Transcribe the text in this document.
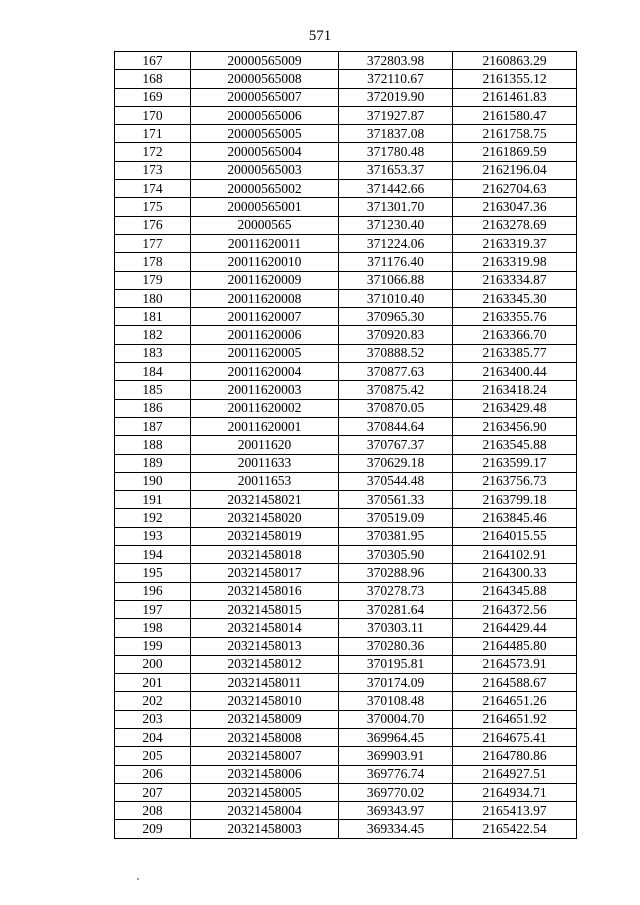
571
167	20000565009	372803.98	2160863.29
168	20000565008	372110.67	2161355.12
169	20000565007	372019.90	2161461.83
170	20000565006	371927.87	2161580.47
171	20000565005	371837.08	2161758.75
172	20000565004	371780.48	2161869.59
173	20000565003	371653.37	2162196.04
174	20000565002	371442.66	2162704.63
175	20000565001	371301.70	2163047.36
176	20000565	371230.40	2163278.69
177	20011620011	371224.06	2163319.37
178	20011620010	371176.40	2163319.98
179	20011620009	371066.88	2163334.87
180	20011620008	371010.40	2163345.30
181	20011620007	370965.30	2163355.76
182	20011620006	370920.83	2163366.70
183	20011620005	370888.52	2163385.77
184	20011620004	370877.63	2163400.44
185	20011620003	370875.42	2163418.24
186	20011620002	370870.05	2163429.48
187	20011620001	370844.64	2163456.90
188	20011620	370767.37	2163545.88
189	20011633	370629.18	2163599.17
190	20011653	370544.48	2163756.73
191	20321458021	370561.33	2163799.18
192	20321458020	370519.09	2163845.46
193	20321458019	370381.95	2164015.55
194	20321458018	370305.90	2164102.91
195	20321458017	370288.96	2164300.33
196	20321458016	370278.73	2164345.88
197	20321458015	370281.64	2164372.56
198	20321458014	370303.11	2164429.44
199	20321458013	370280.36	2164485.80
200	20321458012	370195.81	2164573.91
201	20321458011	370174.09	2164588.67
202	20321458010	370108.48	2164651.26
203	20321458009	370004.70	2164651.92
204	20321458008	369964.45	2164675.41
205	20321458007	369903.91	2164780.86
206	20321458006	369776.74	2164927.51
207	20321458005	369770.02	2164934.71
208	20321458004	369343.97	2165413.97
209	20321458003	369334.45	2165422.54
